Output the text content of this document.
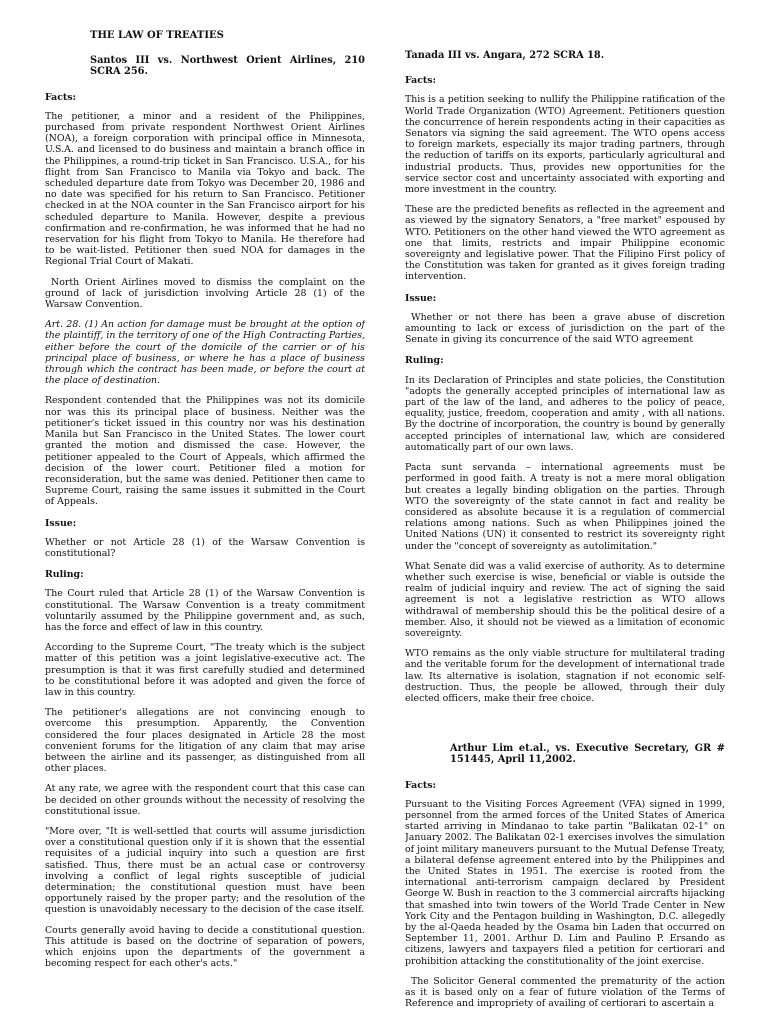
THE LAW OF TREATIES
Santos III vs. Northwest Orient Airlines, 210 SCRA 256.
Facts:

The petitioner, a minor and a resident of the Philippines, purchased from private respondent Northwest Orient Airlines (NOA), a foreign corporation with principal office in Minnesota, U.S.A. and licensed to do business and maintain a branch office in the Philippines, a round-trip ticket in San Francisco. U.S.A., for his flight from San Francisco to Manila via Tokyo and back. The scheduled departure date from Tokyo was December 20, 1986 and no date was specified for his return to San Francisco. Petitioner checked in at the NOA counter in the San Francisco airport for his scheduled departure to Manila. However, despite a previous confirmation and re-confirmation, he was informed that he had no reservation for his flight from Tokyo to Manila. He therefore had to be wait-listed. Petitioner then sued NOA for damages in the Regional Trial Court of Makati.

North Orient Airlines moved to dismiss the complaint on the ground of lack of jurisdiction involving Article 28 (1) of the Warsaw Convention.

Art. 28. (1) An action for damage must be brought at the option of the plaintiff, in the territory of one of the High Contracting Parties, either before the court of the domicile of the carrier or of his principal place of business, or where he has a place of business through which the contract has been made, or before the court at the place of destination.

Respondent contended that the Philippines was not its domicile nor was this its principal place of business. Neither was the petitioner's ticket issued in this country nor was his destination Manila but San Francisco in the United States. The lower court granted the motion and dismissed the case. However, the petitioner appealed to the Court of Appeals, which affirmed the decision of the lower court. Petitioner filed a motion for reconsideration, but the same was denied. Petitioner then came to Supreme Court, raising the same issues it submitted in the Court of Appeals.

Issue:

Whether or not Article 28 (1) of the Warsaw Convention is constitutional?

Ruling:

The Court ruled that Article 28 (1) of the Warsaw Convention is constitutional. The Warsaw Convention is a treaty commitment voluntarily assumed by the Philippine government and, as such, has the force and effect of law in this country.

According to the Supreme Court, "The treaty which is the subject matter of this petition was a joint legislative-executive act. The presumption is that it was first carefully studied and determined to be constitutional before it was adopted and given the force of law in this country.

The petitioner's allegations are not convincing enough to overcome this presumption. Apparently, the Convention considered the four places designated in Article 28 the most convenient forums for the litigation of any claim that may arise between the airline and its passenger, as distinguished from all other places.

At any rate, we agree with the respondent court that this case can be decided on other grounds without the necessity of resolving the constitutional issue.

"More over, "It is well-settled that courts will assume jurisdiction over a constitutional question only if it is shown that the essential requisites of a judicial inquiry into such a question are first satisfied. Thus, there must be an actual case or controversy involving a conflict of legal rights susceptible of judicial determination; the constitutional question must have been opportunely raised by the proper party; and the resolution of the question is unavoidably necessary to the decision of the case itself.

Courts generally avoid having to decide a constitutional question. This attitude is based on the doctrine of separation of powers, which enjoins upon the departments of the government a becoming respect for each other's acts."

Tanada III vs. Angara, 272 SCRA 18.
Facts:

This is a petition seeking to nullify the Philippine ratification of the World Trade Organization (WTO) Agreement. Petitioners question the concurrence of herein respondents acting in their capacities as Senators via signing the said agreement. The WTO opens access to foreign markets, especially its major trading partners, through the reduction of tariffs on its exports, particularly agricultural and industrial products. Thus, provides new opportunities for the service sector cost and uncertainty associated with exporting and more investment in the country.

These are the predicted benefits as reflected in the agreement and as viewed by the signatory Senators, a "free market" espoused by WTO. Petitioners on the other hand viewed the WTO agreement as one that limits, restricts and impair Philippine economic sovereignty and legislative power. That the Filipino First policy of the Constitution was taken for granted as it gives foreign trading intervention.

Issue:

Whether or not there has been a grave abuse of discretion amounting to lack or excess of jurisdiction on the part of the Senate in giving its concurrence of the said WTO agreement

Ruling:

In its Declaration of Principles and state policies, the Constitution "adopts the generally accepted principles of international law as part of the law of the land, and adheres to the policy of peace, equality, justice, freedom, cooperation and amity , with all nations. By the doctrine of incorporation, the country is bound by generally accepted principles of international law, which are considered automatically part of our own laws.

Pacta sunt servanda – international agreements must be performed in good faith. A treaty is not a mere moral obligation but creates a legally binding obligation on the parties. Through WTO the sovereignty of the state cannot in fact and reality be considered as absolute because it is a regulation of commercial relations among nations. Such as when Philippines joined the United Nations (UN) it consented to restrict its sovereignty right under the "concept of sovereignty as autolimitation."

What Senate did was a valid exercise of authority. As to determine whether such exercise is wise, beneficial or viable is outside the realm of judicial inquiry and review. The act of signing the said agreement is not a legislative restriction as WTO allows withdrawal of membership should this be the political desire of a member. Also, it should not be viewed as a limitation of economic sovereignty.

WTO remains as the only viable structure for multilateral trading and the veritable forum for the development of international trade law. Its alternative is isolation, stagnation if not economic self-destruction. Thus, the people be allowed, through their duly elected officers, make their free choice.

Arthur Lim et.al., vs. Executive Secretary, GR # 151445, April 11,2002.
Facts:

Pursuant to the Visiting Forces Agreement (VFA) signed in 1999, personnel from the armed forces of the United States of America started arriving in Mindanao to take partin "Balikatan 02-1" on January 2002. The Balikatan 02-1 exercises involves the simulation of joint military maneuvers pursuant to the Mutual Defense Treaty, a bilateral defense agreement entered into by the Philippines and the United States in 1951. The exercise is rooted from the international anti-terrorism campaign declared by President George W. Bush in reaction to the 3 commercial aircrafts hijacking that smashed into twin towers of the World Trade Center in New York City and the Pentagon building in Washington, D.C. allegedly by the al-Qaeda headed by the Osama bin Laden that occurred on September 11, 2001. Arthur D. Lim and Paulino P. Ersando as citizens, lawyers and taxpayers filed a petition for certiorari and prohibition attacking the constitutionality of the joint exercise.

The Solicitor General commented the prematurity of the action as it is based only on a fear of future violation of the Terms of Reference and impropriety of availing of certiorari to ascertain a
